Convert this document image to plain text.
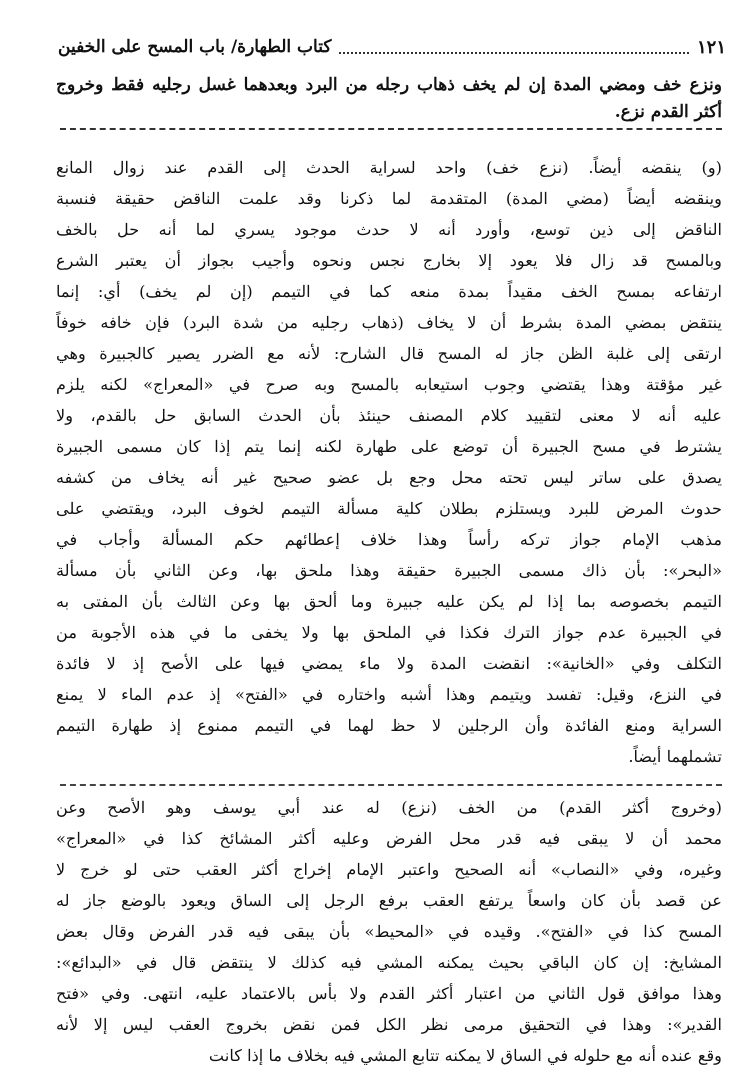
كتاب الطهارة/ باب المسح على الخفين	١٢١
ونزع خف ومضي المدة إن لم يخف ذهاب رجله من البرد وبعدهما غسل رجليه فقط وخروج أكثر القدم نزع.
(و) ينقضه أيضاً. (نزع خف) واحد لسراية الحدث إلى القدم عند زوال المانع
وينقضه أيضاً (مضي المدة) المتقدمة لما ذكرنا وقد علمت الناقض حقيقة فنسبة
الناقض إلى ذين توسع، وأورد أنه لا حدث موجود يسري لما أنه حل بالخف
وبالمسح قد زال فلا يعود إلا بخارج نجس ونحوه وأجيب بجواز أن يعتبر الشرع
ارتفاعه بمسح الخف مقيداً بمدة منعه كما في التيمم (إن لم يخف) أي: إنما
ينتقض بمضي المدة بشرط أن لا يخاف (ذهاب رجليه من شدة البرد) فإن خافه خوفاً
ارتقى إلى غلبة الظن جاز له المسح قال الشارح: لأنه مع الضرر يصير كالجبيرة وهي
غير مؤقتة وهذا يقتضي وجوب استيعابه بالمسح وبه صرح في «المعراج» لكنه يلزم
عليه أنه لا معنى لتقييد كلام المصنف حينئذ بأن الحدث السابق حل بالقدم، ولا
يشترط في مسح الجبيرة أن توضع على طهارة لكنه إنما يتم إذا كان مسمى الجبيرة
يصدق على ساتر ليس تحته محل وجع بل عضو صحيح غير أنه يخاف من كشفه
حدوث المرض للبرد ويستلزم بطلان كلية مسألة التيمم لخوف البرد، ويقتضي على
مذهب الإمام جواز تركه رأساً وهذا خلاف إعطائهم حكم المسألة وأجاب في
«البحر»: بأن ذاك مسمى الجبيرة حقيقة وهذا ملحق بها، وعن الثاني بأن مسألة
التيمم بخصوصه بما إذا لم يكن عليه جبيرة وما ألحق بها وعن الثالث بأن المفتى به
في الجبيرة عدم جواز الترك فكذا في الملحق بها ولا يخفى ما في هذه الأجوبة من
التكلف وفي «الخانية»: انقضت المدة ولا ماء يمضي فيها على الأصح إذ لا فائدة
في النزع، وقيل: تفسد ويتيمم وهذا أشبه واختاره في «الفتح» إذ عدم الماء لا يمنع
السراية ومنع الفائدة وأن الرجلين لا حظ لهما في التيمم ممنوع إذ طهارة التيمم
تشملهما أيضاً.
(وخروج أكثر القدم) من الخف (نزع) له عند أبي يوسف وهو الأصح وعن
محمد أن لا يبقى فيه قدر محل الفرض وعليه أكثر المشائخ كذا في «المعراج»
وغيره، وفي «النصاب» أنه الصحيح واعتبر الإمام إخراج أكثر العقب حتى لو خرج لا
عن قصد بأن كان واسعاً يرتفع العقب برفع الرجل إلى الساق ويعود بالوضع جاز له
المسح كذا في «الفتح». وقيده في «المحيط» بأن يبقى فيه قدر الفرض وقال بعض
المشايخ: إن كان الباقي بحيث يمكنه المشي فيه كذلك لا ينتقض قال في «البدائع»:
وهذا موافق قول الثاني من اعتبار أكثر القدم ولا بأس بالاعتماد عليه، انتهى. وفي «فتح
القدير»: وهذا في التحقيق مرمى نظر الكل فمن نقض بخروج العقب ليس إلا لأنه
وقع عنده أنه مع حلوله في الساق لا يمكنه تتابع المشي فيه بخلاف ما إذا كانت
